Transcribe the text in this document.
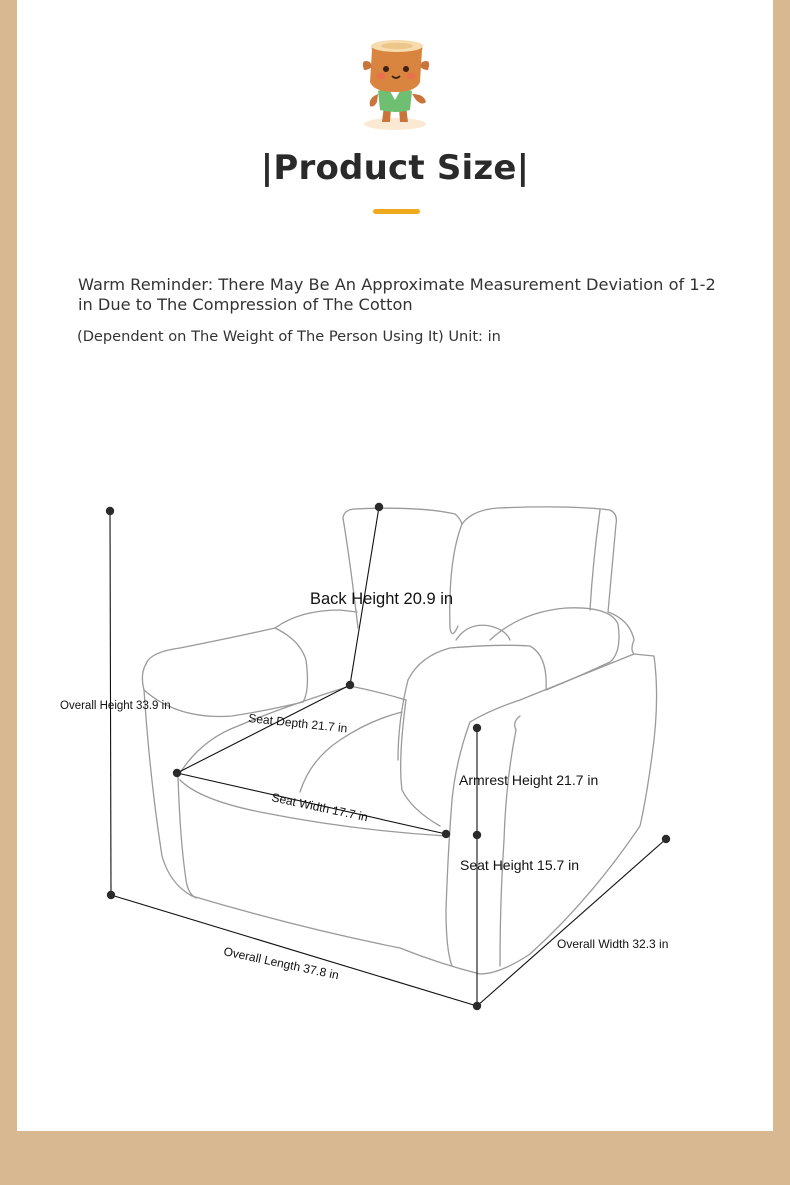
|Product Size|
Warm Reminder: There May Be An Approximate Measurement Deviation of 1-2 in Due to The Compression of The Cotton
(Dependent on The Weight of The Person Using It) Unit: in
Back Height 20.9 in
Overall Height 33.9 in
Seat Depth 21.7 in
Seat Width 17.7 in
Armrest Height 21.7 in
Seat Height 15.7 in
Overall Width 32.3 in
Overall Length 37.8 in
